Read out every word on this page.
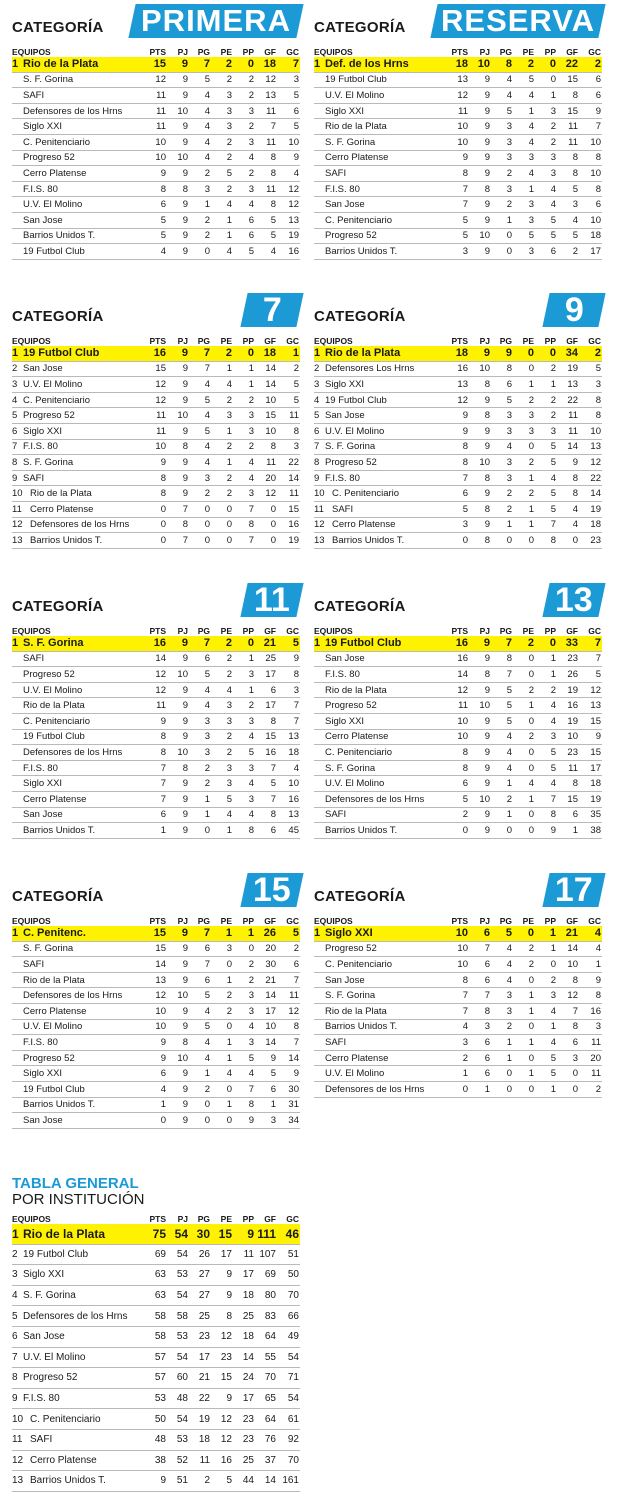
CATEGORÍA PRIMERA
EQUIPOS	PTS	PJ	PG	PE	PP	GF	GC
1 Rio de la Plata	15	9	7	2	0	18	7
S. F. Gorina	12	9	5	2	2	12	3
SAFI	11	9	4	3	2	13	5
Defensores de los Hrns	11	10	4	3	3	11	6
Siglo XXI	11	9	4	3	2	7	5
C. Penitenciario	10	9	4	2	3	11	10
Progreso 52	10	10	4	2	4	8	9
Cerro Platense	9	9	2	5	2	8	4
F.I.S. 80	8	8	3	2	3	11	12
U.V. El Molino	6	9	1	4	4	8	12
San Jose	5	9	2	1	6	5	13
Barrios Unidos T.	5	9	2	1	6	5	19
19 Futbol Club	4	9	0	4	5	4	16
CATEGORÍA RESERVA
EQUIPOS	PTS	PJ	PG	PE	PP	GF	GC
1 Def. de los Hrns	18	10	8	2	0	22	2
19 Futbol Club	13	9	4	5	0	15	6
U.V. El Molino	12	9	4	4	1	8	6
Siglo XXI	11	9	5	1	3	15	9
Rio de la Plata	10	9	3	4	2	11	7
S. F. Gorina	10	9	3	4	2	11	10
Cerro Platense	9	9	3	3	3	8	8
SAFI	8	9	2	4	3	8	10
F.I.S. 80	7	8	3	1	4	5	8
San Jose	7	9	2	3	4	3	6
C. Penitenciario	5	9	1	3	5	4	10
Progreso 52	5	10	0	5	5	5	18
Barrios Unidos T.	3	9	0	3	6	2	17
CATEGORÍA	7
EQUIPOS	PTS	PJ	PG	PE	PP	GF	GC
1 19 Futbol Club	16	9	7	2	0	18	1
2 San Jose	15	9	7	1	1	14	2
3 U.V. El Molino	12	9	4	4	1	14	5
4 C. Penitenciario	12	9	5	2	2	10	5
5 Progreso 52	11	10	4	3	3	15	11
6 Siglo XXI	11	9	5	1	3	10	8
7 F.I.S. 80	10	8	4	2	2	8	3
8 S. F. Gorina	9	9	4	1	4	11	22
9 SAFI	8	9	3	2	4	20	14
10 Rio de la Plata	8	9	2	2	3	12	11
11 Cerro Platense	0	7	0	0	7	0	15
12 Defensores de los Hrns	0	8	0	0	8	0	16
13 Barrios Unidos T.	0	7	0	0	7	0	19
CATEGORÍA	9
EQUIPOS	PTS	PJ	PG	PE	PP	GF	GC
1 Rio de la Plata	18	9	9	0	0	34	2
2 Defensores Los Hrns	16	10	8	0	2	19	5
3 Siglo XXI	13	8	6	1	1	13	3
4 19 Futbol Club	12	9	5	2	2	22	8
5 San Jose	9	8	3	3	2	11	8
6 U.V. El Molino	9	9	3	3	3	11	10
7 S. F. Gorina	8	9	4	0	5	14	13
8 Progreso 52	8	10	3	2	5	9	12
9 F.I.S. 80	7	8	3	1	4	8	22
10 C. Penitenciario	6	9	2	2	5	8	14
11 SAFI	5	8	2	1	5	4	19
12 Cerro Platense	3	9	1	1	7	4	18
13 Barrios Unidos T.	0	8	0	0	8	0	23
CATEGORÍA	11
EQUIPOS	PTS	PJ	PG	PE	PP	GF	GC
1 S. F. Gorina	16	9	7	2	0	21	5
SAFI	14	9	6	2	1	25	9
Progreso 52	12	10	5	2	3	17	8
U.V. El Molino	12	9	4	4	1	6	3
Rio de la Plata	11	9	4	3	2	17	7
C. Penitenciario	9	9	3	3	3	8	7
19 Futbol Club	8	9	3	2	4	15	13
Defensores de los Hrns	8	10	3	2	5	16	18
F.I.S. 80	7	8	2	3	3	7	4
Siglo XXI	7	9	2	3	4	5	10
Cerro Platense	7	9	1	5	3	7	16
San Jose	6	9	1	4	4	8	13
Barrios Unidos T.	1	9	0	1	8	6	45
CATEGORÍA	13
EQUIPOS	PTS	PJ	PG	PE	PP	GF	GC
1 19 Futbol Club	16	9	7	2	0	33	7
San Jose	16	9	8	0	1	23	7
F.I.S. 80	14	8	7	0	1	26	5
Rio de la Plata	12	9	5	2	2	19	12
Progreso 52	11	10	5	1	4	16	13
Siglo XXI	10	9	5	0	4	19	15
Cerro Platense	10	9	4	2	3	10	9
C. Penitenciario	8	9	4	0	5	23	15
S. F. Gorina	8	9	4	0	5	11	17
U.V. El Molino	6	9	1	4	4	8	18
Defensores de los Hrns	5	10	2	1	7	15	19
SAFI	2	9	1	0	8	6	35
Barrios Unidos T.	0	9	0	0	9	1	38
CATEGORÍA	15
EQUIPOS	PTS	PJ	PG	PE	PP	GF	GC
1 C. Penitenc.	15	9	7	1	1	26	5
S. F. Gorina	15	9	6	3	0	20	2
SAFI	14	9	7	0	2	30	6
Rio de la Plata	13	9	6	1	2	21	7
Defensores de los Hrns	12	10	5	2	3	14	11
Cerro Platense	10	9	4	2	3	17	12
U.V. El Molino	10	9	5	0	4	10	8
F.I.S. 80	9	8	4	1	3	14	7
Progreso 52	9	10	4	1	5	9	14
Siglo XXI	6	9	1	4	4	5	9
19 Futbol Club	4	9	2	0	7	6	30
Barrios Unidos T.	1	9	0	1	8	1	31
San Jose	0	9	0	0	9	3	34
CATEGORÍA	17
EQUIPOS	PTS	PJ	PG	PE	PP	GF	GC
1 Siglo XXI	10	6	5	0	1	21	4
Progreso 52	10	7	4	2	1	14	4
C. Penitenciario	10	6	4	2	0	10	1
San Jose	8	6	4	0	2	8	9
S. F. Gorina	7	7	3	1	3	12	8
Rio de la Plata	7	8	3	1	4	7	16
Barrios Unidos T.	4	3	2	0	1	8	3
SAFI	3	6	1	1	4	6	11
Cerro Platense	2	6	1	0	5	3	20
U.V. El Molino	1	6	0	1	5	0	11
Defensores de los Hrns	0	1	0	0	1	0	2
TABLA GENERAL
POR INSTITUCIÓN
EQUIPOS	PTS	PJ	PG	PE	PP	GF	GC
1 Rio de la Plata	75	54	30	15	9	111	46
2 19 Futbol Club	69	54	26	17	11	107	51
3 Siglo XXI	63	53	27	9	17	69	50
4 S. F. Gorina	63	54	27	9	18	80	70
5 Defensores de los Hrns	58	58	25	8	25	83	66
6 San Jose	58	53	23	12	18	64	49
7 U.V. El Molino	57	54	17	23	14	55	54
8 Progreso 52	57	60	21	15	24	70	71
9 F.I.S. 80	53	48	22	9	17	65	54
10 C. Penitenciario	50	54	19	12	23	64	61
11 SAFI	48	53	18	12	23	76	92
12 Cerro Platense	38	52	11	16	25	37	70
13 Barrios Unidos T.	9	51	2	5	44	14	161
